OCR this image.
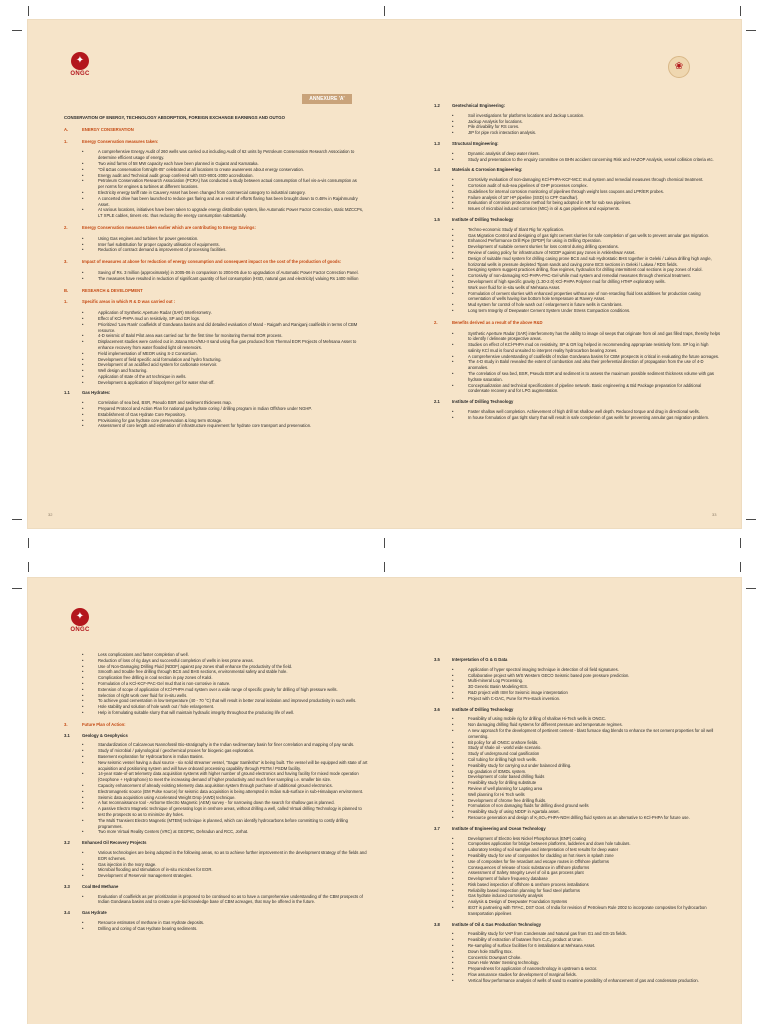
✦
ONGC
❀
32	33
ANNEXURE 'A'

CONSERVATION OF ENERGY, TECHNOLOGY ABSORPTION, FOREIGN EXCHANGE EARNINGS AND OUTGO

A.	ENERGY CONSERVATION
1.	Energy Conservation measures taken:
• A comprehensive Energy Audit of 260 wells was carried out including Audit of 62 units by Petroleum Conservation Research Association to determine efficient usage of energy.
• Two wind farms of 58 MW capacity each have been planned in Gujarat and Karnataka.
• "Oil &Gas conservation fortnight-05" celebrated at all locations to create awareness about energy conservation.
• Energy audit and Technical audit group conferred with ISO-9001-2000 accreditation.
• Petroleum Conservation Research Association (PCRA) has conducted a study between actual consumption of fuel vis-a-vis consumption as per norms for engines & turbines at different locations.
• Electricity energy tariff rate in Cauvery Asset has been changed from commercial category to industrial category.
• A concerted drive has been launched to reduce gas flaring and as a result of efforts flaring has been brought down to 0.48% in Rajahmundry Asset.
• At various locations, initiatives have been taken to upgrade energy distribution system, like Automatic Power Factor Correction, static MZCCPs, LT XPLE cables, timers etc. thus reducing the energy consumption substantially.
2.	Energy Conservation measures taken earlier which are contributing to Energy Savings:
• Using Gas engines and turbines for power generation.
• Inter fuel substitution for proper capacity utilisation of equipments.
• Reduction of contract demand & improvement of processing facilities.
3.	Impact of measures at above for reduction of energy consumption and consequent impact on the cost of the production of goods:
• Saving of Rs. 3 million (approximately) in 2005-06 in comparison to 2004-05 due to upgradation of Automatic Power Factor Correction Panel.
• The measures have resulted in reduction of significant quantity of fuel consumption (HSD, natural gas and electricity) valuing Rs 1400 million
B.	RESEARCH & DEVELOPMENT
1.	Specific areas in which R & D was carried out :
• Application of Synthetic Aperture Radar (SAR) Interferometry.
• Effect of KCl-PHPA mud on resistivity, SP and GR logs.
• Prioritized 'Low Rank' coalfields of Gondwana basins and did detailed evaluation of Mand - Raigarh and Raniganj coalfields in terms of CBM resource.
• 4-D seismic of Balol Pilot area was carried out for the first time for monitoring thermal EOR process.
• Displacement studies were carried out in Jotana MU-I/MU-II sand using flue gas produced from Thermal EOR Projects of Mehsana Asset to enhance recovery from water flooded light oil reservoirs.
• Field implementation of MEOR using S-2 Consortium.
• Development of field specific acid formulation and hydro fracturing.
• Development of an acidified acid system for carbonate reservoir.
• Well design and fracturing.
• Application of state of the art technique in wells.
• Development & application of biopolymer gel for water shut-off.
1.1	Gas Hydrates:
• Correlation of sea bed, BSR, Pseudo BSR and sediment thickness map.
• Prepared Protocol and Action Plan for national gas hydrate coring / drilling program in Indian Offshore under NGHP.
• Establishment of Gas Hydrate Core Repository.
• Provisioning for gas hydrate core preservation & long term storage.
• Assessment of core length and estimation of infrastructure requirement for hydrate core transport and preservation.
1.2	Geotechnical Engineering:
• Soil investigations for platforms locations and Jackup Location.
• Jackup Analysis for locations.
• Pile drivability for RS cores.
• JIP for pipe rock interaction analysis.
1.3	Structural Engineering:
• Dynamic analysis of deep water risers.
• Study and presentation to the enquiry committee on BHN accident concerning Risk and HAZOP Analysis, vessel collision criteria etc.
1.4	Materials & Corrosion Engineering:
• Corrosivity evaluation of non-damaging KCl-PHPA-KCF-MCC mud system and remedial measures through chemical treatment.
• Corrosion audit of sub-sea pipelines of GHP processes complex.
• Guidelines for internal corrosion monitoring of pipelines through weight loss coupons and LPR/ER probes.
• Failure analysis of 18" HP pipeline (SSD) to CPF Gandhar).
• Evaluation of corrosion protection method for being adopted in NR for sub sea pipelines.
• Issues of microbial induced corrosion (MIC) in oil & gas pipelines and equipments.
1.5	Institute of Drilling Technology
• Techno-economic Study of Slant Rig for Application.
• Gas Migration Control and designing of gas tight cement slurries for safe completion of gas wells to prevent annular gas migration.
• Enhanced Performance Drill Pipe (EPDP) for using in Drilling Operation.
• Development of suitable cement slurries for loss control during drilling operations.
• Review of casing policy for infrastructure of NGDP against pay zones in Ankleshwar Asset.
• Design of suitable mud system for drilling casing prone BCS and sub Hydrostatic BHS together in Geleki / Lakwa drilling high angle, horizontal wells in pressure depleted Tipam sands and caving prone BCS sections in Geleki / Lakwa / RDS fields.
• Designing system suggest practices drilling, flow regimes, hydraulics for drilling intermittent coal sections in pay zones of Kalol.
• Corrosivity of non-damaging KCl-PHPA-PAC-Gel while mud system and remedial measures through chemical treatment.
• Development of high specific gravity (1.30-2.0) KCl-PHPA Polymer mud for drilling HTHP exploratory wells.
• Work over fluid for in-situ wells of Mehsana Asset.
• Formulation of cement slurries with enhanced properties without use of non-retarding fluid loss additives for production casing cementation of wells having low bottom hole temperature at Ravery Asset.
• Mud system for control of hole wash out / enlargement in future wells in Cambrians.
• Long term Integrity of Deepwater Cement System Under Stress Compaction conditions.
2.	Benefits derived as a result of the above R&D
• Synthetic Aperture Radar (SAR) interferometry has the ability to image oil seeps that originate from oil and gas filled traps, thereby helps to identify / delineate prospective areas.
• Studies on effect of KCl-PHPA mud on resistivity, SP & GR log helped in recommending appropriate resistivity form. SP log in high salinity KCl mud is found unsuited to interpret reality hydrocarbon bearing zones.
• A comprehensive understanding of coalfields of Indian Gondwana basins for CBM prospects is critical in evaluating the future acreages.
• The 4-D study in Balol revealed the extent of combustion and also their preferential direction of propagation from the use of 4-D anomalies.
• The correlation of sea bed, BSR, Pseudo BSR and sediment is to assess the maximum possible sediment thickness volume with gas hydrate saturation.
• Conceptualization and technical specifications of pipeline network. Basic engineering & Bid Package preparation for additional condensate recovery and for LPG augmentation.
2.1	Institute of Drilling Technology
• Faster shallow well completion. Achievement of high drill rat shallow well depth. Reduced torque and drag in directional wells.
• In house formulation of gas tight slurry that will result in safe completion of gas wells for preventing annular gas migration problem.
✦
ONGC
• Less complications and faster completion of well.
• Reduction of loss of rig days and successful completion of wells in less prone areas.
• Use of Non-Damaging Drilling Fluid (NDDF) against pay zones shall enhance the productivity of the field.
• Smooth and trouble free drilling through BCS and BHS sections, environmental safety and stable hole.
• Complication free drilling in coal section in pay zones of Kalol.
• Formulation of a KCl-KCF-PAC-Gel mud that is non-corrosive in nature.
• Extension of scope of application of KCl-PHPA mud system over a wide range of specific gravity for drilling of high pressure wells.
• Selection of right work over fluid for in-situ wells.
• To achieve good cementation in low temperature (40 - 70 °C) that will result in better zonal isolation and improved productivity in such wells.
• Hole stability and solution of hole wash out / hole enlargement.
• Help in formulating suitable slurry that will maintain hydraulic integrity throughout the producing life of well.
3.	Future Plan of Action:
3.1	Geology & Geophysics
• Standardization of Calcareous Nannofossil Bio-stratigraphy in the Indian sedimentary basin for finer correlation and mapping of pay sands.
• Study of microbial / palynological / geochemical proxies for biogenic gas exploration.
• Basement exploration for Hydrocarbons in Indian Basins.
• New seismic vessel having a dual source - six solid streamer vessel, "Sagar Samiksha" is being built. The vessel will be equipped with state of art acquisition and positioning system and will have onboard processing capability through PSTM / PSDM facility.
• 14-year state-of-art telemetry data acquisition systems with higher number of ground electronics and having facility for mixed mode operation (Geophone + Hydrophone) to meet the increasing demand of higher productivity and much finer sampling i.e. smaller bin size.
• Capacity enhancement of already existing telemetry data acquisition system through purchase of additional ground electronics.
• Electromagnetic source (EM Pulse source) for seismic data acquisition is being attempted in Indian sub-surface in sub-Himalayan environment.
• Seismic data acquisition using Accelerated Weight Drop (AWD) technique.
• A hat reconnaissance tool - Airborne Electro Magnetic (AEM) survey - for narrowing down the search for shallow gas is planned.
• A passive Electro Magnetic technique of generating logs in onshore areas, without drilling a well, called Virtual drilling Technology is planned to test the prospects so as to minimize dry holes.
• The Multi Transient Electro Magnetic (MTEM) technique is planned, which can identify hydrocarbons before committing to costly drilling programmes.
• Two more Virtual Reality Centers (VRC) at GEOPIC, Dehradun and RCC, Jorhat.
3.2	Enhanced Oil Recovery Projects
• Various technologies are being adopted in the following areas, so as to achieve further improvement in the development strategy of the fields and EOR schemes.
• Gas injection in the Ivory stage.
• Microbial flooding and stimulation of in-situ microbes for EOR.
• Development of Reservoir management strategies.
3.3	Coal Bed Methane
• Evaluation of coalfields as per prioritization is proposed to be continued so as to have a comprehensive understanding of the CBM prospects of Indian Gondwana basins and to create a pre-bid knowledge base of CBM acreages, that may be offered in the future.
3.4	Gas Hydrate
• Resource estimates of methane in Gas Hydrate deposits.
• Drilling and coring of Gas Hydrate bearing sediments.
3.5	Interpretation of G & G Data
• Application of hyper spectral imaging technique in detection of oil field signatures.
• Collaborative project with M/S Western GECO Seismic based pore pressure prediction.
• Multi-mineral Log Processing.
• 3D Genetic Basin Modeling-IES.
• R&D project with ISM for Seismic image interpretation
• Project with C-DAC, Pune for Pre-stack inversion.
3.6	Institute of Drilling Technology
• Feasibility of using mobile rig for drilling of shallow Hi-Tech wells in ONGC.
• Non damaging drilling fluid systems for different pressure and temperature regimes.
• A new approach for the development of pertinent cement - blast furnace slag blends to enhance the set cement properties for oil well cementing.
• Bit policy for all ONGC onshore fields.
• Study of shale oil - world wide scenario.
• Study of underground coal gasification
• Coil tubing for drilling high tech wells.
• Feasibility study for carrying out under balanced drilling.
• Up gradation of IDMDL system.
• Development of color based drilling fluids
• Feasibility study for drilling substitute
• Review of well planning for Lapting area
• Well planning for Hi Tech wells
• Development of chrome free drilling fluids.
• Formulation of non damaging fluids for drilling dived ground wells
• Feasibility study of using NDDF in Agartala asset.
• Resource generation and design of K₂SO₄-PHPA-NDH drilling fluid system as an alternative to KCl-PHPA for future use.
3.7	Institute of Engineering and Ocean Technology
• Development of Electro less Nickel Phosphorous (ENP) coating
• Composites application for bridge between platforms, ladderies and down hole tubulars.
• Laboratory testing of soil samples and interpretation of test results for deep water
• Feasibility study for use of composites for cladding on hot risers in splash zone
• Use of composites for fire retardant and escape routes in Offshore platforms
• Consequences of release of toxic substance in offshore platforms
• Assessment of Safety Integrity Level of oil & gas process plant
• Development of failure frequency database
• Risk based inspection of offshore & onshore process installations
• Reliability based inspection planning for fixed steel platforms
• Gas hydrate induced corrosivity analysis
• Analysis & Design of Deepwater Foundation Systems
• IEOT is partnering with TIFAC, DST Govt. of India for revision of Petroleum Rule 2002 to incorporate composites for hydrocarbon transportation pipelines
3.8	Institute of Oil & Gas Production Technology
• Feasibility study for VAP from Condensate and Natural gas from G1 and GS-15 fields.
• Feasibility of extraction of butanes from C₄C₅ product at Uran.
• Re-sampling of surface facilities for 6 installations at Mehsana Asset.
• Down hole Stuffing Box.
• Concentric Downpart Choke.
• Down Hole Water Sensing technology.
• Preparedness for application of nanotechnology in upstream & sector.
• Flow assurance studies for development of marginal fields.
• Vertical flow performance analysis of wells of sand to examine possibility of enhancement of gas and condensate production.
